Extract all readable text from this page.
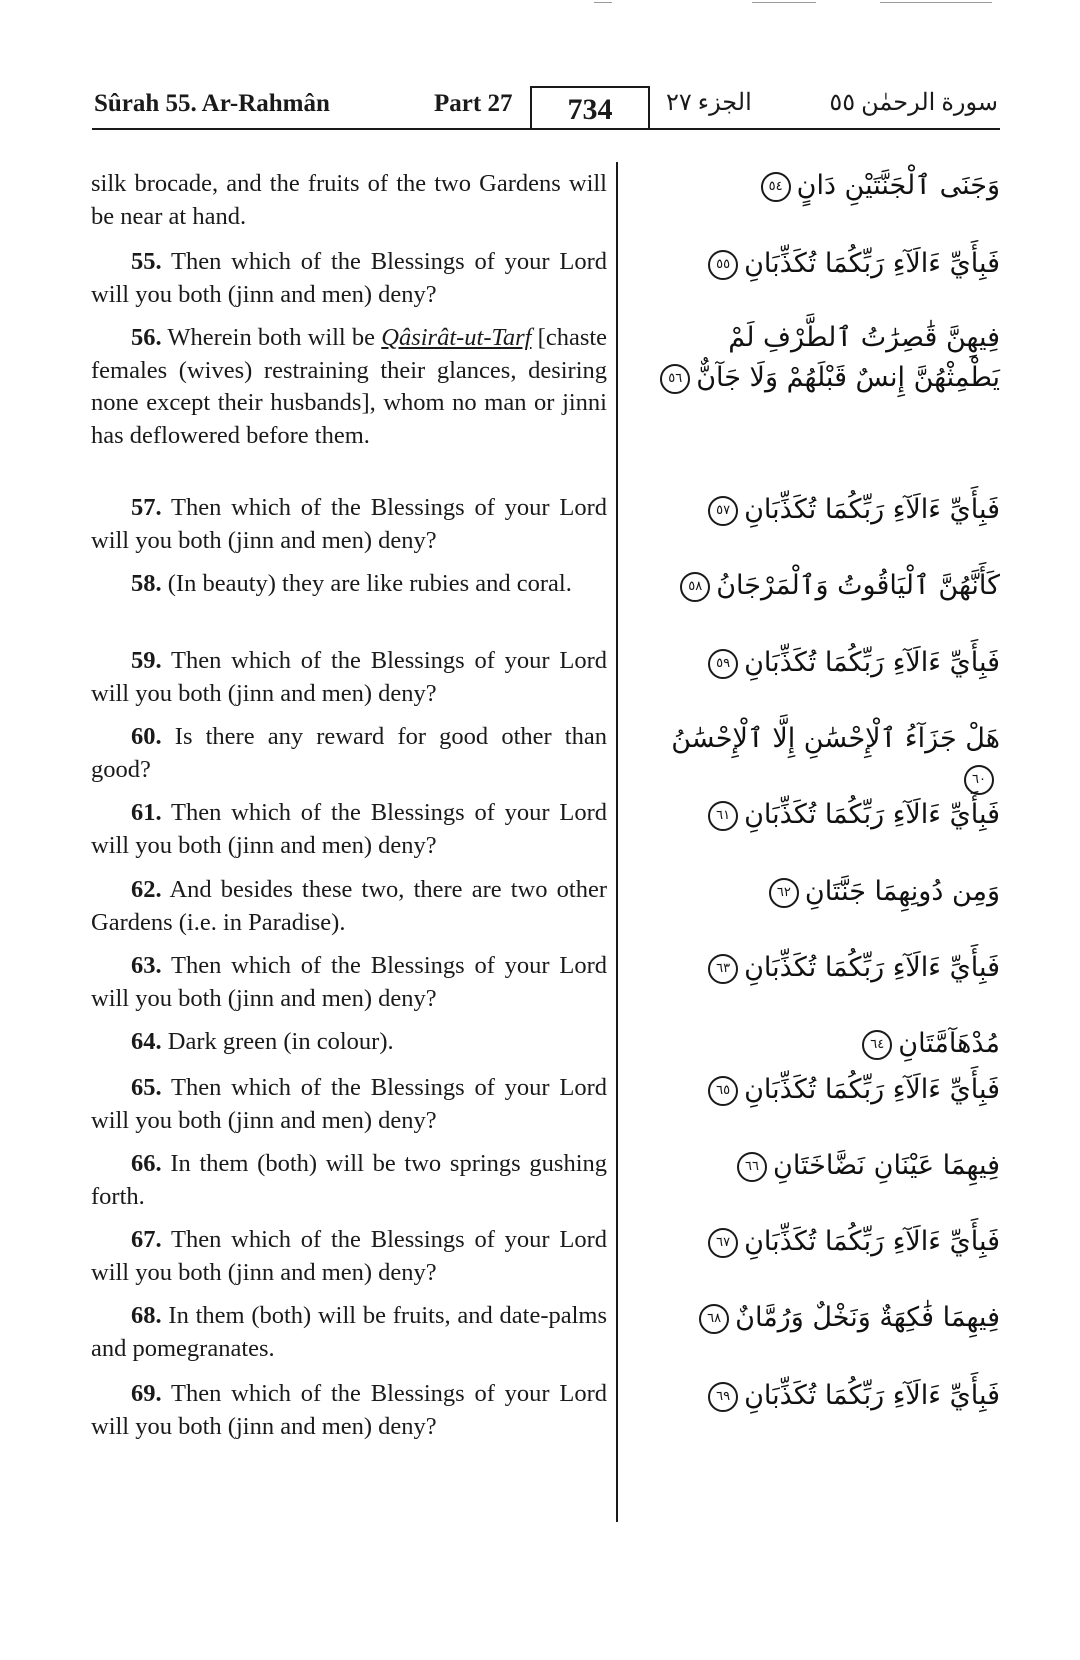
Sûrah 55. Ar-Rahmân	Part 27	734	الجزء ٢٧	سورة الرحمٰن ٥٥

silk brocade, and the fruits of the two Gardens will be near at hand.

55. Then which of the Blessings of your Lord will you both (jinn and men) deny?

56. Wherein both will be Qâsirât-ut-Tarf [chaste females (wives) restraining their glances, desiring none except their husbands], whom no man or jinni has deflowered before them.

57. Then which of the Blessings of your Lord will you both (jinn and men) deny?

58. (In beauty) they are like rubies and coral.

59. Then which of the Blessings of your Lord will you both (jinn and men) deny?

60. Is there any reward for good other than good?

61. Then which of the Blessings of your Lord will you both (jinn and men) deny?

62. And besides these two, there are two other Gardens (i.e. in Paradise).

63. Then which of the Blessings of your Lord will you both (jinn and men) deny?

64. Dark green (in colour).

65. Then which of the Blessings of your Lord will you both (jinn and men) deny?

66. In them (both) will be two springs gushing forth.

67. Then which of the Blessings of your Lord will you both (jinn and men) deny?

68. In them (both) will be fruits, and date-palms and pomegranates.

69. Then which of the Blessings of your Lord will you both (jinn and men) deny?

وَجَنَى ٱلْجَنَّتَيْنِ دَانٍ٥٤
فَبِأَيِّ ءَالَآءِ رَبِّكُمَا تُكَذِّبَانِ٥٥
فِيهِنَّ قَٰصِرَٰتُ ٱلطَّرْفِ لَمْ يَطْمِثْهُنَّ إِنسٌ قَبْلَهُمْ وَلَا جَآنٌّ٥٦
فَبِأَيِّ ءَالَآءِ رَبِّكُمَا تُكَذِّبَانِ٥٧
كَأَنَّهُنَّ ٱلْيَاقُوتُ وَٱلْمَرْجَانُ٥٨
فَبِأَيِّ ءَالَآءِ رَبِّكُمَا تُكَذِّبَانِ٥٩
هَلْ جَزَآءُ ٱلْإِحْسَٰنِ إِلَّا ٱلْإِحْسَٰنُ٦٠
فَبِأَيِّ ءَالَآءِ رَبِّكُمَا تُكَذِّبَانِ٦١
وَمِن دُونِهِمَا جَنَّتَانِ٦٢
فَبِأَيِّ ءَالَآءِ رَبِّكُمَا تُكَذِّبَانِ٦٣
مُدْهَآمَّتَانِ٦٤
فَبِأَيِّ ءَالَآءِ رَبِّكُمَا تُكَذِّبَانِ٦٥
فِيهِمَا عَيْنَانِ نَضَّاخَتَانِ٦٦
فَبِأَيِّ ءَالَآءِ رَبِّكُمَا تُكَذِّبَانِ٦٧
فِيهِمَا فَٰكِهَةٌ وَنَخْلٌ وَرُمَّانٌ٦٨
فَبِأَيِّ ءَالَآءِ رَبِّكُمَا تُكَذِّبَانِ٦٩
